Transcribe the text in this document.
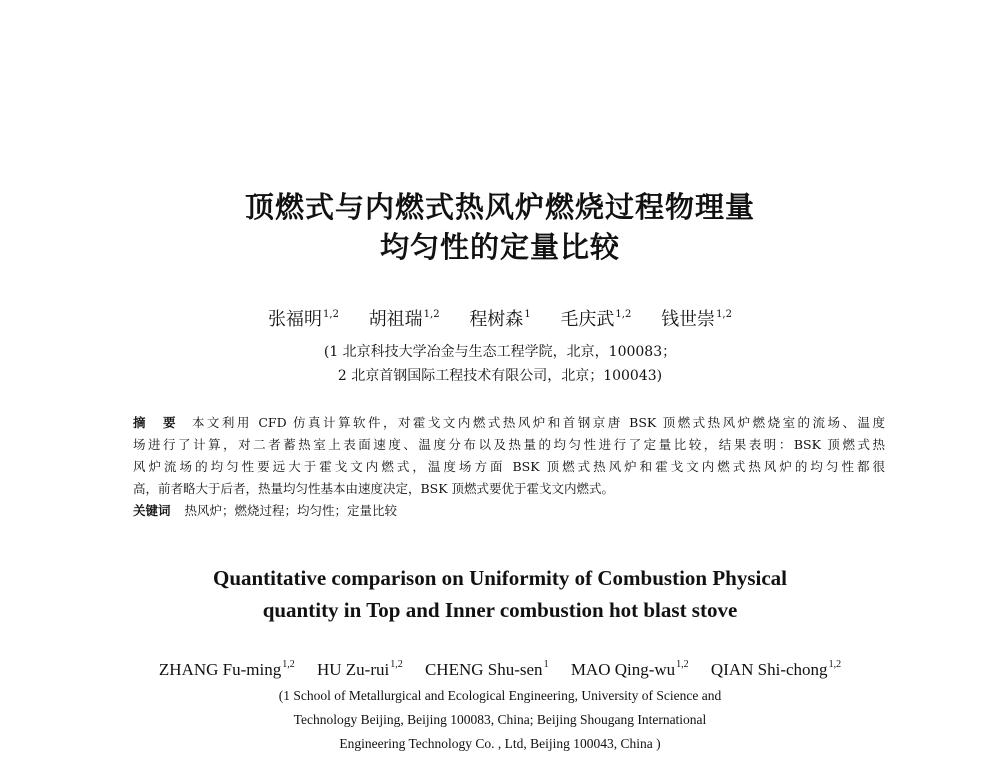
顶燃式与内燃式热风炉燃烧过程物理量
均匀性的定量比较
张福明$^{1,2}$ 胡祖瑞$^{1,2}$ 程树森$^1$ 毛庆武$^{1,2}$ 钱世崇$^{1,2}$
(1 北京科技大学冶金与生态工程学院，北京，100083；
2 北京首钢国际工程技术有限公司，北京；100043)
摘　要 本文利用 CFD 仿真计算软件，对霍戈文内燃式热风炉和首钢京唐 BSK 顶燃式热风炉燃烧室的流场、温度
场进行了计算，对二者蓄热室上表面速度、温度分布以及热量的均匀性进行了定量比较，结果表明：BSK 顶燃式热
风炉流场的均匀性要远大于霍戈文内燃式，温度场方面 BSK 顶燃式热风炉和霍戈文内燃式热风炉的均匀性都很
高，前者略大于后者，热量均匀性基本由速度决定，BSK 顶燃式要优于霍戈文内燃式。
关键词 热风炉；燃烧过程；均匀性；定量比较
Quantitative comparison on Uniformity of Combustion Physical
quantity in Top and Inner combustion hot blast stove
ZHANG Fu-ming$^{1,2}$ HU Zu-rui$^{1,2}$ CHENG Shu-sen$^1$ MAO Qing-wu$^{1,2}$ QIAN Shi-chong$^{1,2}$
(1 School of Metallurgical and Ecological Engineering, University of Science and
Technology Beijing, Beijing 100083, China; Beijing Shougang International
Engineering Technology Co. , Ltd, Beijing 100043, China )
